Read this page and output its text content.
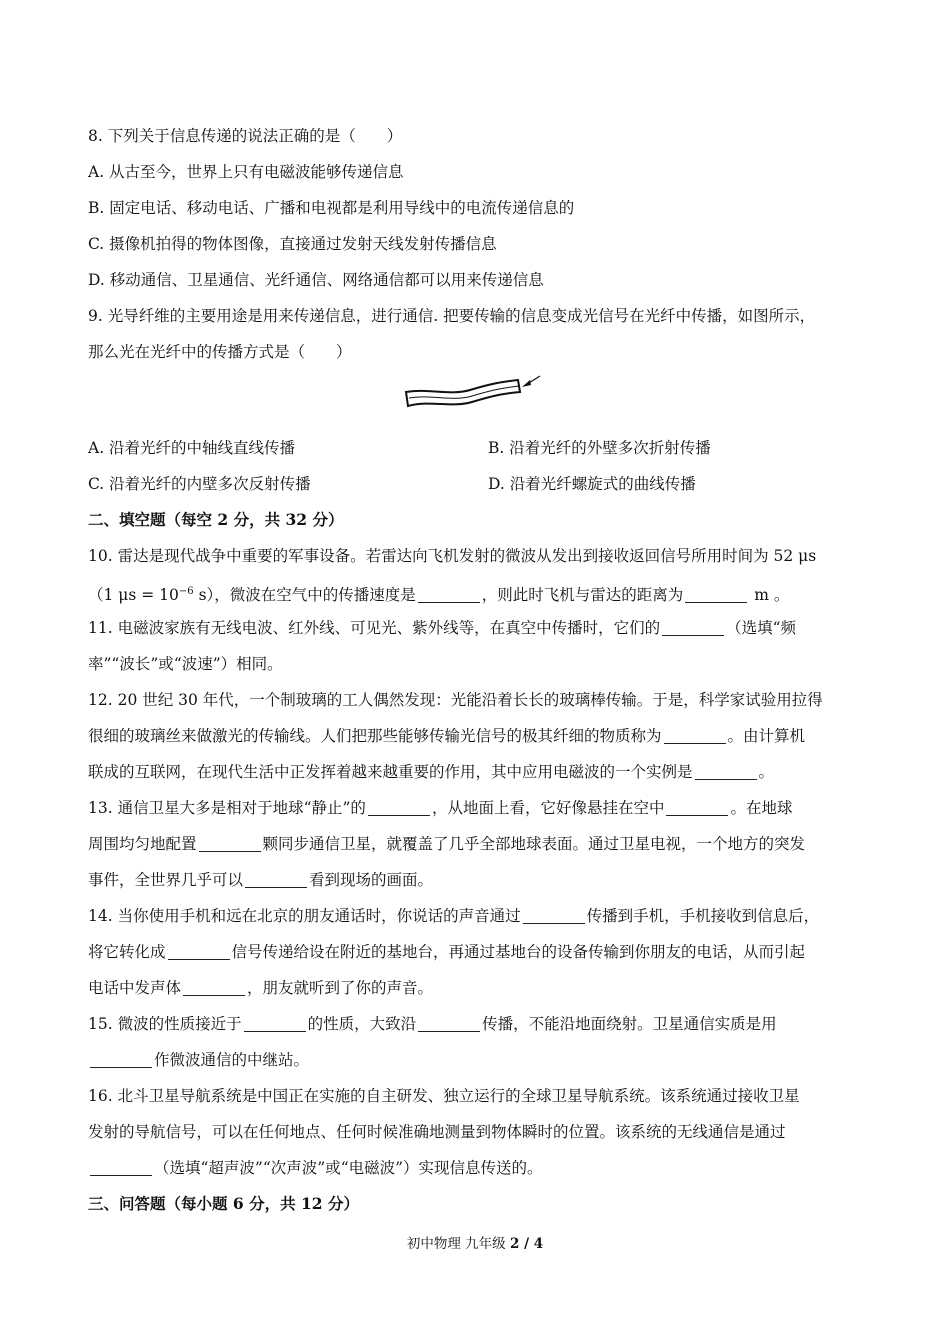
8. 下列关于信息传递的说法正确的是（　　）
A. 从古至今，世界上只有电磁波能够传递信息
B. 固定电话、移动电话、广播和电视都是利用导线中的电流传递信息的
C. 摄像机拍得的物体图像，直接通过发射天线发射传播信息
D. 移动通信、卫星通信、光纤通信、网络通信都可以用来传递信息
9. 光导纤维的主要用途是用来传递信息，进行通信. 把要传输的信息变成光信号在光纤中传播，如图所示，
那么光在光纤中的传播方式是（　　）
A. 沿着光纤的中轴线直线传播	B. 沿着光纤的外壁多次折射传播
C. 沿着光纤的内壁多次反射传播	D. 沿着光纤螺旋式的曲线传播
二、填空题（每空 2 分，共 32 分）
10. 雷达是现代战争中重要的军事设备。若雷达向飞机发射的微波从发出到接收返回信号所用时间为 52 μs
（1 $\mu s = 10^{-6}$ s），微波在空气中的传播速度是	，则此时飞机与雷达的距离为	m 。
11. 电磁波家族有无线电波、红外线、可见光、紫外线等，在真空中传播时，它们的	（选填“频
率”“波长”或“波速”）相同。
12. 20 世纪 30 年代，一个制玻璃的工人偶然发现：光能沿着长长的玻璃棒传输。于是，科学家试验用拉得
很细的玻璃丝来做激光的传输线。人们把那些能够传输光信号的极其纤细的物质称为	。由计算机
联成的互联网，在现代生活中正发挥着越来越重要的作用，其中应用电磁波的一个实例是	。
13. 通信卫星大多是相对于地球“静止”的	，从地面上看，它好像悬挂在空中	。在地球
周围均匀地配置	颗同步通信卫星，就覆盖了几乎全部地球表面。通过卫星电视，一个地方的突发
事件，全世界几乎可以	看到现场的画面。
14. 当你使用手机和远在北京的朋友通话时，你说话的声音通过	传播到手机，手机接收到信息后，
将它转化成	信号传递给设在附近的基地台，再通过基地台的设备传输到你朋友的电话，从而引起
电话中发声体	，朋友就听到了你的声音。
15. 微波的性质接近于	的性质，大致沿	传播，不能沿地面绕射。卫星通信实质是用
作微波通信的中继站。
16. 北斗卫星导航系统是中国正在实施的自主研发、独立运行的全球卫星导航系统。该系统通过接收卫星
发射的导航信号，可以在任何地点、任何时候准确地测量到物体瞬时的位置。该系统的无线通信是通过
（选填“超声波”“次声波”或“电磁波”）实现信息传送的。
三、问答题（每小题 6 分，共 12 分）
初中物理 九年级 2 / 4
